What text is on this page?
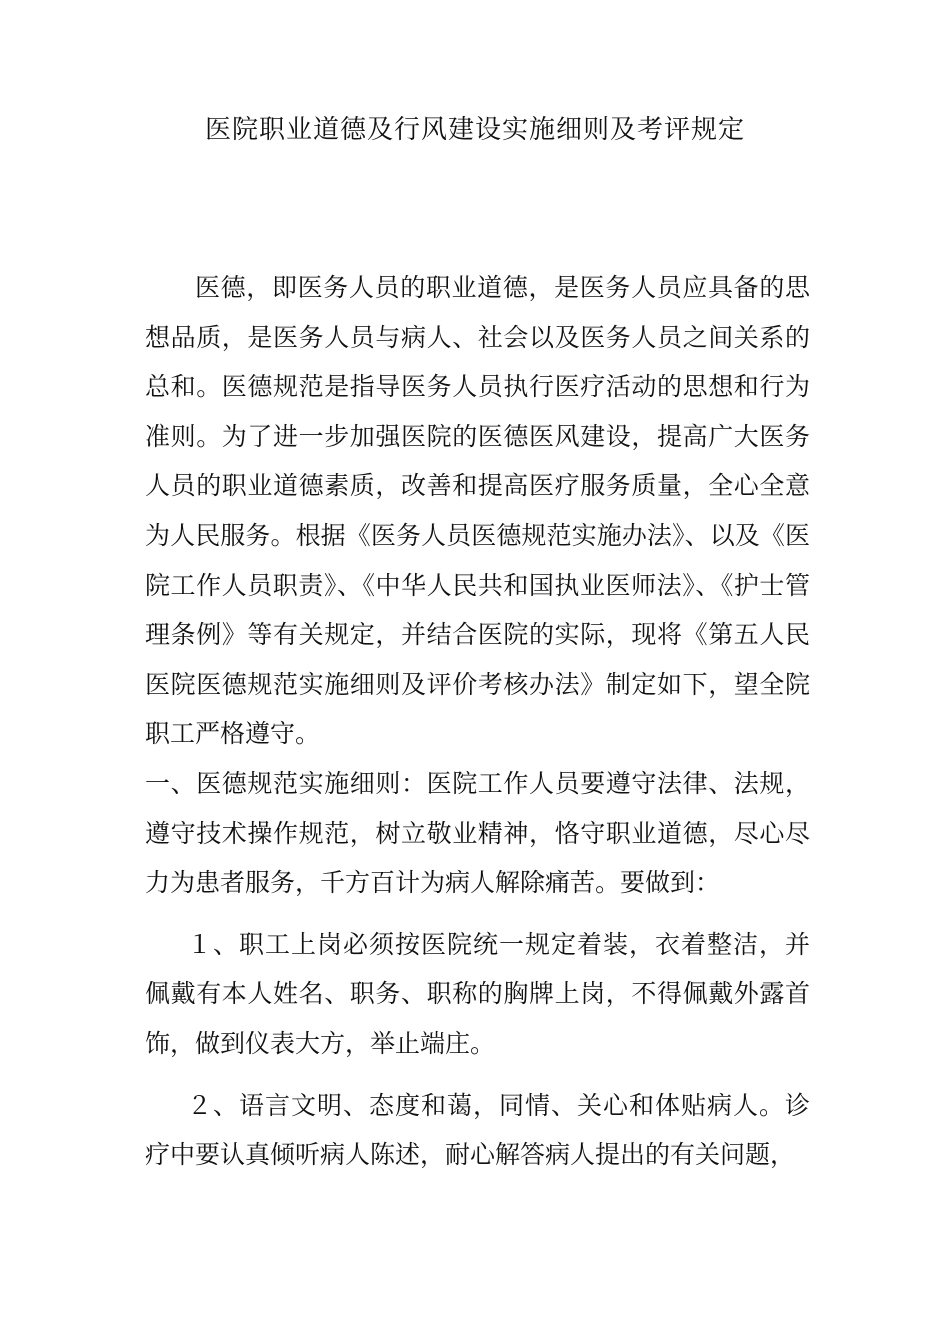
医院职业道德及行风建设实施细则及考评规定

医德，即医务人员的职业道德，是医务人员应具备的思想品质，是医务人员与病人、社会以及医务人员之间关系的总和。医德规范是指导医务人员执行医疗活动的思想和行为准则。为了进一步加强医院的医德医风建设，提高广大医务人员的职业道德素质，改善和提高医疗服务质量，全心全意为人民服务。根据《医务人员医德规范实施办法》、以及《医院工作人员职责》、《中华人民共和国执业医师法》、《护士管理条例》等有关规定，并结合医院的实际，现将《第五人民医院医德规范实施细则及评价考核办法》制定如下，望全院职工严格遵守。

一、医德规范实施细则：医院工作人员要遵守法律、法规，遵守技术操作规范，树立敬业精神，恪守职业道德，尽心尽力为患者服务，千方百计为病人解除痛苦。要做到：

１、职工上岗必须按医院统一规定着装，衣着整洁，并佩戴有本人姓名、职务、职称的胸牌上岗，不得佩戴外露首饰，做到仪表大方，举止端庄。

２、语言文明、态度和蔼，同情、关心和体贴病人。诊疗中要认真倾听病人陈述，耐心解答病人提出的有关问题，
